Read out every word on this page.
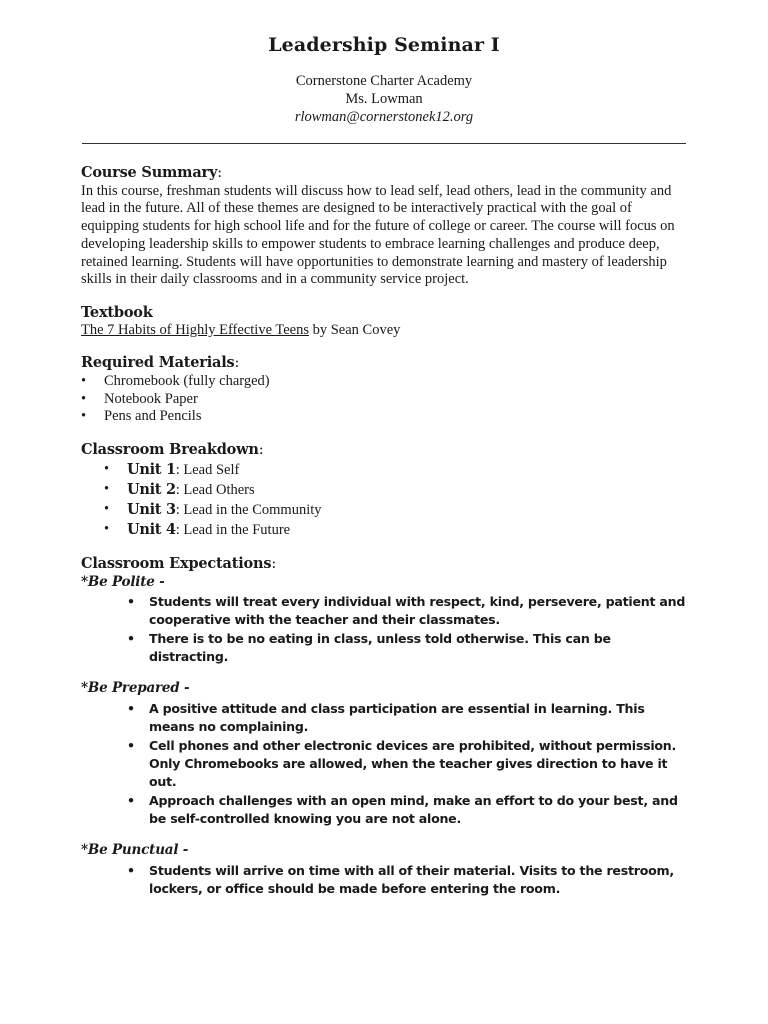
Leadership Seminar I
Cornerstone Charter Academy
Ms. Lowman
rlowman@cornerstonek12.org
Course Summary:

In this course, freshman students will discuss how to lead self, lead others, lead in the community and lead in the future. All of these themes are designed to be interactively practical with the goal of equipping students for high school life and for the future of college or career. The course will focus on developing leadership skills to empower students to embrace learning challenges and produce deep, retained learning. Students will have opportunities to demonstrate learning and mastery of leadership skills in their daily classrooms and in a community service project.

Textbook

The 7 Habits of Highly Effective Teens by Sean Covey

Required Materials:
• Chromebook (fully charged)
• Notebook Paper
• Pens and Pencils
Classroom Breakdown:
• Unit 1: Lead Self
• Unit 2: Lead Others
• Unit 3: Lead in the Community
• Unit 4: Lead in the Future
Classroom Expectations:
*Be Polite -
• Students will treat every individual with respect, kind, persevere, patient and cooperative with the teacher and their classmates.
• There is to be no eating in class, unless told otherwise. This can be distracting.
*Be Prepared -
• A positive attitude and class participation are essential in learning. This means no complaining.
• Cell phones and other electronic devices are prohibited, without permission. Only Chromebooks are allowed, when the teacher gives direction to have it out.
• Approach challenges with an open mind, make an effort to do your best, and be self-controlled knowing you are not alone.
*Be Punctual -
• Students will arrive on time with all of their material. Visits to the restroom, lockers, or office should be made before entering the room.
